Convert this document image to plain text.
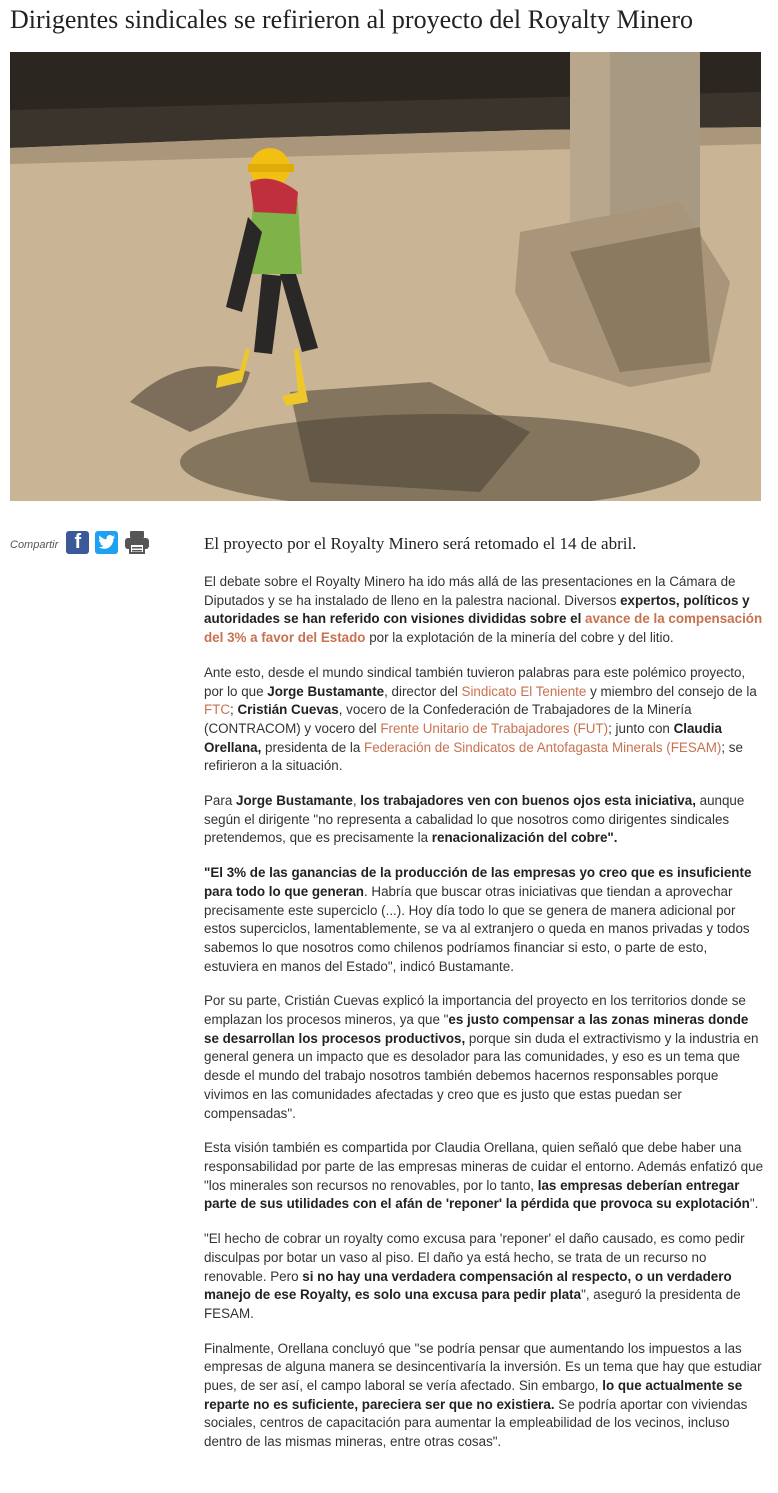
Dirigentes sindicales se refirieron al proyecto del Royalty Minero
Compartir f	El proyecto por el Royalty Minero será retomado el 14 de abril.

El debate sobre el Royalty Minero ha ido más allá de las presentaciones en la Cámara de Diputados y se ha instalado de lleno en la palestra nacional. Diversos expertos, políticos y autoridades se han referido con visiones divididas sobre el avance de la compensación del 3% a favor del Estado por la explotación de la minería del cobre y del litio.

Ante esto, desde el mundo sindical también tuvieron palabras para este polémico proyecto, por lo que Jorge Bustamante, director del Sindicato El Teniente y miembro del consejo de la FTC; Cristián Cuevas, vocero de la Confederación de Trabajadores de la Minería (CONTRACOM) y vocero del Frente Unitario de Trabajadores (FUT); junto con Claudia Orellana, presidenta de la Federación de Sindicatos de Antofagasta Minerals (FESAM); se refirieron a la situación.

Para Jorge Bustamante, los trabajadores ven con buenos ojos esta iniciativa, aunque según el dirigente "no representa a cabalidad lo que nosotros como dirigentes sindicales pretendemos, que es precisamente la renacionalización del cobre".

"El 3% de las ganancias de la producción de las empresas yo creo que es insuficiente para todo lo que generan. Habría que buscar otras iniciativas que tiendan a aprovechar precisamente este superciclo (...). Hoy día todo lo que se genera de manera adicional por estos superciclos, lamentablemente, se va al extranjero o queda en manos privadas y todos sabemos lo que nosotros como chilenos podríamos financiar si esto, o parte de esto, estuviera en manos del Estado", indicó Bustamante.

Por su parte, Cristián Cuevas explicó la importancia del proyecto en los territorios donde se emplazan los procesos mineros, ya que "es justo compensar a las zonas mineras donde se desarrollan los procesos productivos, porque sin duda el extractivismo y la industria en general genera un impacto que es desolador para las comunidades, y eso es un tema que desde el mundo del trabajo nosotros también debemos hacernos responsables porque vivimos en las comunidades afectadas y creo que es justo que estas puedan ser compensadas".

Esta visión también es compartida por Claudia Orellana, quien señaló que debe haber una responsabilidad por parte de las empresas mineras de cuidar el entorno. Además enfatizó que "los minerales son recursos no renovables, por lo tanto, las empresas deberían entregar parte de sus utilidades con el afán de 'reponer' la pérdida que provoca su explotación".

"El hecho de cobrar un royalty como excusa para 'reponer' el daño causado, es como pedir disculpas por botar un vaso al piso. El daño ya está hecho, se trata de un recurso no renovable. Pero si no hay una verdadera compensación al respecto, o un verdadero manejo de ese Royalty, es solo una excusa para pedir plata", aseguró la presidenta de FESAM.

Finalmente, Orellana concluyó que "se podría pensar que aumentando los impuestos a las empresas de alguna manera se desincentivaría la inversión. Es un tema que hay que estudiar pues, de ser así, el campo laboral se vería afectado. Sin embargo, lo que actualmente se reparte no es suficiente, pareciera ser que no existiera. Se podría aportar con viviendas sociales, centros de capacitación para aumentar la empleabilidad de los vecinos, incluso dentro de las mismas mineras, entre otras cosas".
